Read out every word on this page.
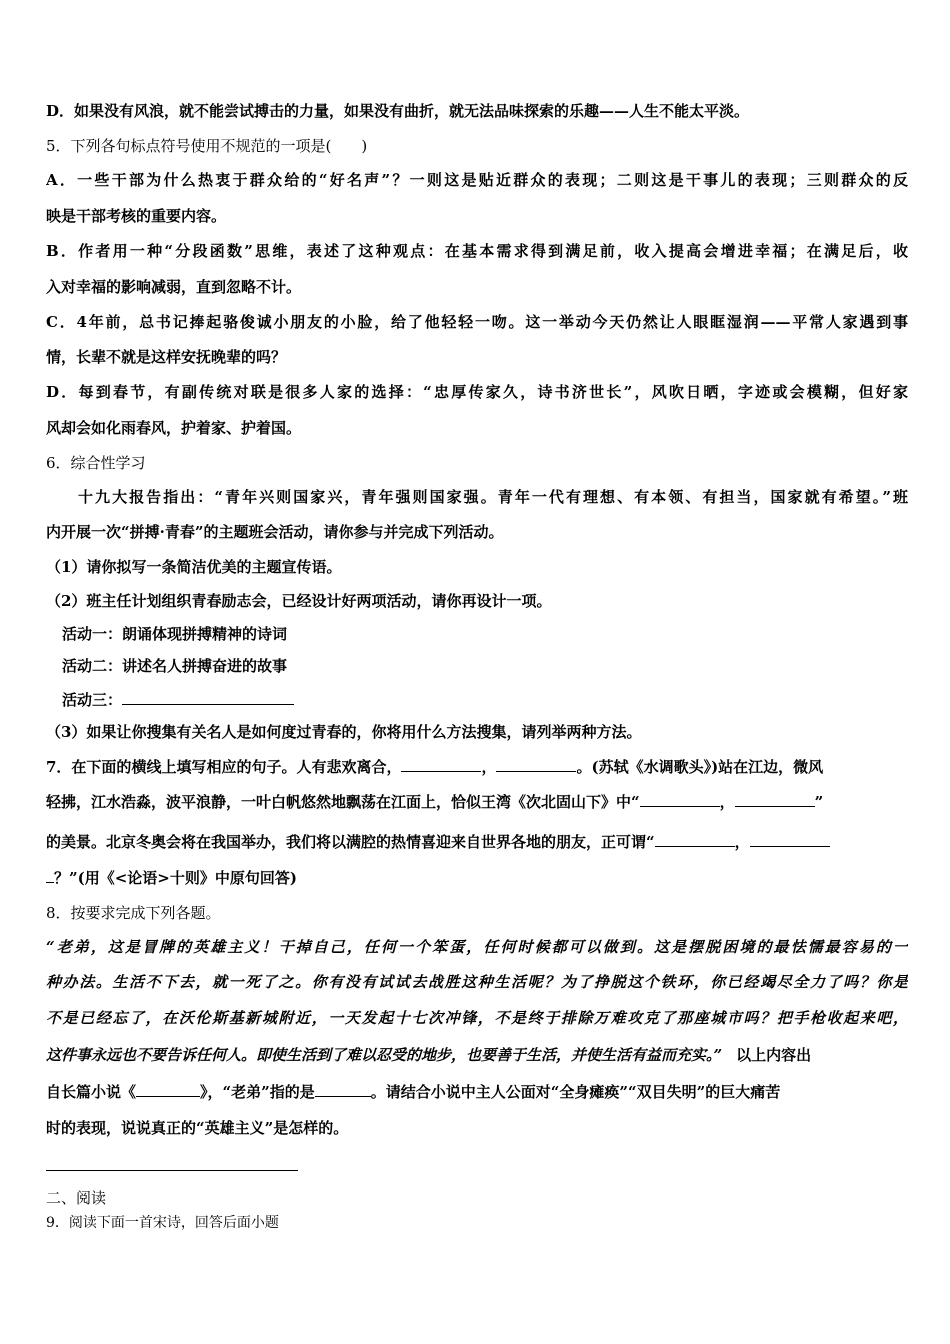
D．如果没有风浪，就不能尝试搏击的力量，如果没有曲折，就无法品味探索的乐趣——人生不能太平淡。
5．下列各句标点符号使用不规范的一项是(　　)
A．一些干部为什么热衷于群众给的“好名声”？一则这是贴近群众的表现；二则这是干事儿的表现；三则群众的反
映是干部考核的重要内容。
B．作者用一种“分段函数”思维，表述了这种观点：在基本需求得到满足前，收入提高会增进幸福；在满足后，收
入对幸福的影响减弱，直到忽略不计。
C．4年前，总书记捧起骆俊诚小朋友的小脸，给了他轻轻一吻。这一举动今天仍然让人眼眶湿润——平常人家遇到事
情，长辈不就是这样安抚晚辈的吗？
D．每到春节，有副传统对联是很多人家的选择：“忠厚传家久，诗书济世长”，风吹日晒，字迹或会模糊，但好家
风却会如化雨春风，护着家、护着国。
6．综合性学习
十九大报告指出：“青年兴则国家兴，青年强则国家强。青年一代有理想、有本领、有担当，国家就有希望。”班
内开展一次“拼搏·青春”的主题班会活动，请你参与并完成下列活动。
（1）请你拟写一条简洁优美的主题宣传语。
（2）班主任计划组织青春励志会，已经设计好两项活动，请你再设计一项。
活动一：朗诵体现拼搏精神的诗词
活动二：讲述名人拼搏奋进的故事
活动三：
（3）如果让你搜集有关名人是如何度过青春的，你将用什么方法搜集，请列举两种方法。
7．在下面的横线上填写相应的句子。人有悲欢离合，	，	。(苏轼《水调歌头》)站在江边，微风
轻拂，江水浩淼，波平浪静，一叶白帆悠然地飘荡在江面上，恰似王湾《次北固山下》中“	，	”
的美景。北京冬奥会将在我国举办，我们将以满腔的热情喜迎来自世界各地的朋友，正可谓“	，
？”(用《<论语>十则》中原句回答)
8．按要求完成下列各题。
“老弟，这是冒牌的英雄主义！干掉自己，任何一个笨蛋，任何时候都可以做到。这是摆脱困境的最怯懦最容易的一
种办法。生活不下去，就一死了之。你有没有试试去战胜这种生活呢？为了挣脱这个铁环，你已经竭尽全力了吗？你是
不是已经忘了，在沃伦斯基新城附近，一天发起十七次冲锋，不是终于排除万难攻克了那座城市吗？把手枪收起来吧，
这件事永远也不要告诉任何人。即使生活到了难以忍受的地步，也要善于生活，并使生活有益而充实。” 以上内容出
自长篇小说《	》，“老弟”指的是	。请结合小说中主人公面对“全身瘫痪”“双目失明”的巨大痛苦
时的表现，说说真正的“英雄主义”是怎样的。
二、阅读
9．阅读下面一首宋诗，回答后面小题
